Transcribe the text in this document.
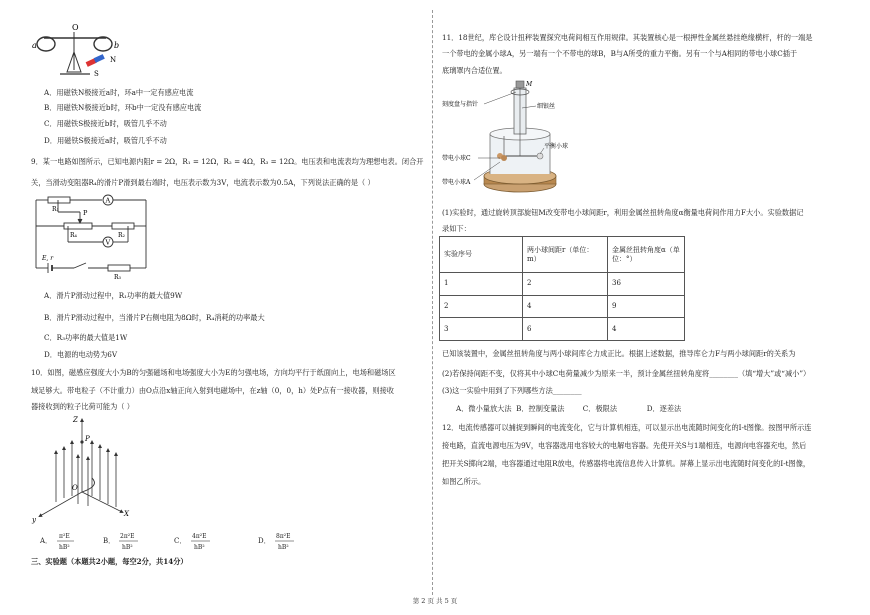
O
a	b
N
S
A．用磁铁N极接近a时，环a中一定有感应电流
B．用磁铁N极接近b时，环b中一定没有感应电流
C．用磁铁S极接近b时，吸管几乎不动
D．用磁铁S极接近a时，吸管几乎不动
9．某一电路如图所示，已知电源内阻r = 2Ω，R₁ = 12Ω，R₂ = 4Ω，R₃ = 12Ω。电压表和电流表均为理想电表。闭合开
关，当滑动变阻器R₄的滑片P滑到最右端时，电压表示数为3V，电流表示数为0.5A，下列说法正确的是（ ）
R₁	P
A
R₄	R₂
V
E, r
R₃
A．滑片P滑动过程中，R₁功率的最大值9W
B．滑片P滑动过程中，当滑片P右侧电阻为8Ω时，R₄消耗的功率最大
C．R₃功率的最大值是1W
D．电源的电动势为6V
10．如图，磁感应强度大小为B的匀强磁场和电场强度大小为E的匀强电场，方向均平行于纸面向上，电场和磁场区
域足够大。带电粒子（不计重力）由O点沿x轴正向入射到电磁场中，在z轴（0，0，h）处P点有一接收器，则接收
器接收到的粒子比荷可能为（ ）
Z
P
O
X
y
A．
π²E
hB²
B．
2π²E
hB²
C．
4π²E
hB²
D．
8π²E
hB²
三、实验题（本题共2小题，每空2分，共14分）
11．18世纪，库仑设计扭秤装置探究电荷间相互作用规律。其装置核心是一根押性金属丝悬挂绝缘横杆，杆的一端是
一个带电的金属小球A，另一端有一个不带电的球B，B与A所受的重力平衡。另有一个与A相同的带电小球C插于
底璃罩内合适位置。
M
刻度盘与指针	细银丝
带电小球C
平衡小球
带电小球A
(1)实验时，通过旋转顶部旋钮M改变带电小球间距r，利用金属丝扭转角度α衡量电荷间作用力F大小。实验数据记
录如下：
实验序号	两小球间距r（单位：m）	金属丝扭转角度α（单位：°）
1	2	36
2	4	9
3	6	4
已知该装置中，金属丝扭转角度与两小球间库仑力成正比。根据上述数据，推导库仑力F与两小球间距r的关系为
(2)若保持间距不变，仅将其中小球C电荷量减少为原来一半，预计金属丝扭转角度将________（填“增大”或“减小”）
(3)这一实验中用到了下列哪些方法________
A．微小量放大法  B．控制变量法        C．极限法             D．逐差法
12．电流传感器可以捕捉到瞬间的电流变化，它与计算机相连，可以显示出电流随时间变化的I-t图像。按图甲所示连
接电路，直流电源电压为9V，电容器选用电容较大的电解电容器。先使开关S与1端相连，电源向电容器充电，然后
把开关S掷向2端，电容器通过电阻R放电，传感器将电流信息传入计算机。屏幕上显示出电流随时间变化的I-t图像，
如图乙所示。
第 2 页 共 5 页
